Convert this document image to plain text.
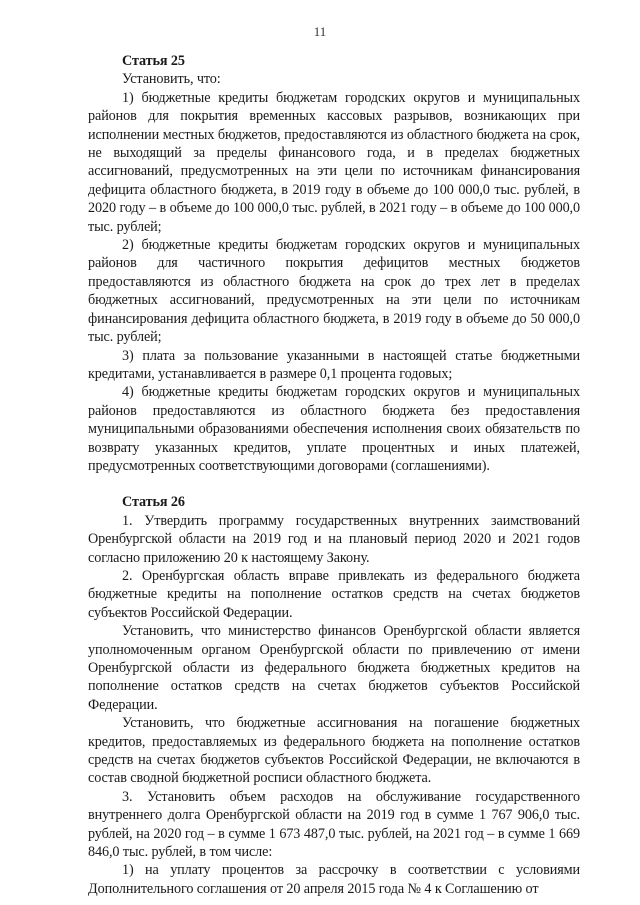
11

Статья 25

Установить, что:

1) бюджетные кредиты бюджетам городских округов и муниципальных районов для покрытия временных кассовых разрывов, возникающих при исполнении местных бюджетов, предоставляются из областного бюджета на срок, не выходящий за пределы финансового года, и в пределах бюджетных ассигнований, предусмотренных на эти цели по источникам финансирования дефицита областного бюджета, в 2019 году в объеме до 100 000,0 тыс. рублей, в 2020 году – в объеме до 100 000,0 тыс. рублей, в 2021 году – в объеме до 100 000,0 тыс. рублей;

2) бюджетные кредиты бюджетам городских округов и муниципальных районов для частичного покрытия дефицитов местных бюджетов предоставляются из областного бюджета на срок до трех лет в пределах бюджетных ассигнований, предусмотренных на эти цели по источникам финансирования дефицита областного бюджета, в 2019 году в объеме до 50 000,0 тыс. рублей;

3) плата за пользование указанными в настоящей статье бюджетными кредитами, устанавливается в размере 0,1 процента годовых;

4) бюджетные кредиты бюджетам городских округов и муниципальных районов предоставляются из областного бюджета без предоставления муниципальными образованиями обеспечения исполнения своих обязательств по возврату указанных кредитов, уплате процентных и иных платежей, предусмотренных соответствующими договорами (соглашениями).

Статья 26

1. Утвердить программу государственных внутренних заимствований Оренбургской области на 2019 год и на плановый период 2020 и 2021 годов согласно приложению 20 к настоящему Закону.

2. Оренбургская область вправе привлекать из федерального бюджета бюджетные кредиты на пополнение остатков средств на счетах бюджетов субъектов Российской Федерации.

Установить, что министерство финансов Оренбургской области является уполномоченным органом Оренбургской области по привлечению от имени Оренбургской области из федерального бюджета бюджетных кредитов на пополнение остатков средств на счетах бюджетов субъектов Российской Федерации.

Установить, что бюджетные ассигнования на погашение бюджетных кредитов, предоставляемых из федерального бюджета на пополнение остатков средств на счетах бюджетов субъектов Российской Федерации, не включаются в состав сводной бюджетной росписи областного бюджета.

3. Установить объем расходов на обслуживание государственного внутреннего долга Оренбургской области на 2019 год в сумме 1 767 906,0 тыс. рублей, на 2020 год – в сумме 1 673 487,0 тыс. рублей, на 2021 год – в сумме 1 669 846,0 тыс. рублей, в том числе:

1) на уплату процентов за рассрочку в соответствии с условиями Дополнительного соглашения от 20 апреля 2015 года № 4 к Соглашению от
